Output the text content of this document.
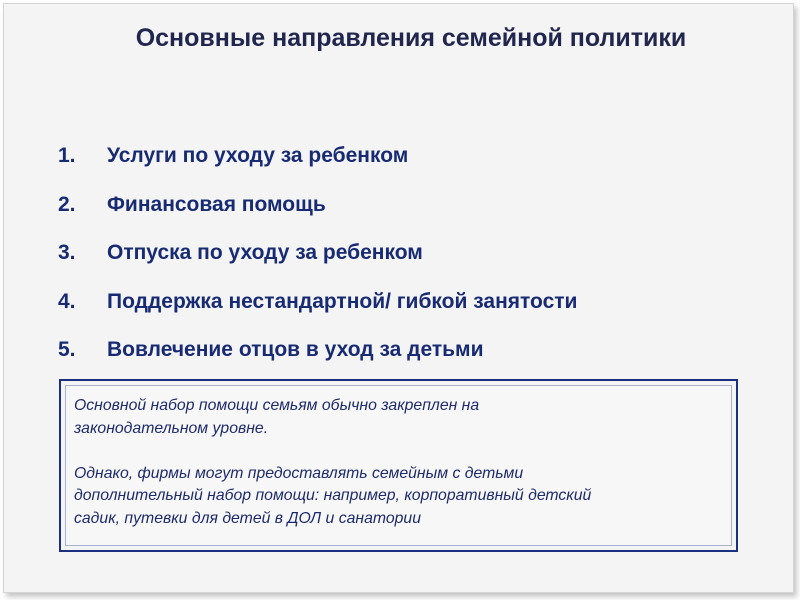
Основные направления семейной политики
1.	Услуги по уходу за ребенком
2.	Финансовая помощь
3.	Отпуска по уходу за ребенком
4.	Поддержка нестандартной/ гибкой занятости
5.	Вовлечение отцов в уход за детьми

Основной набор помощи семьям обычно закреплен на
законодательном уровне.

Однако, фирмы могут предоставлять семейным с детьми
дополнительный набор помощи: например, корпоративный детский
садик, путевки для детей в ДОЛ и санатории
